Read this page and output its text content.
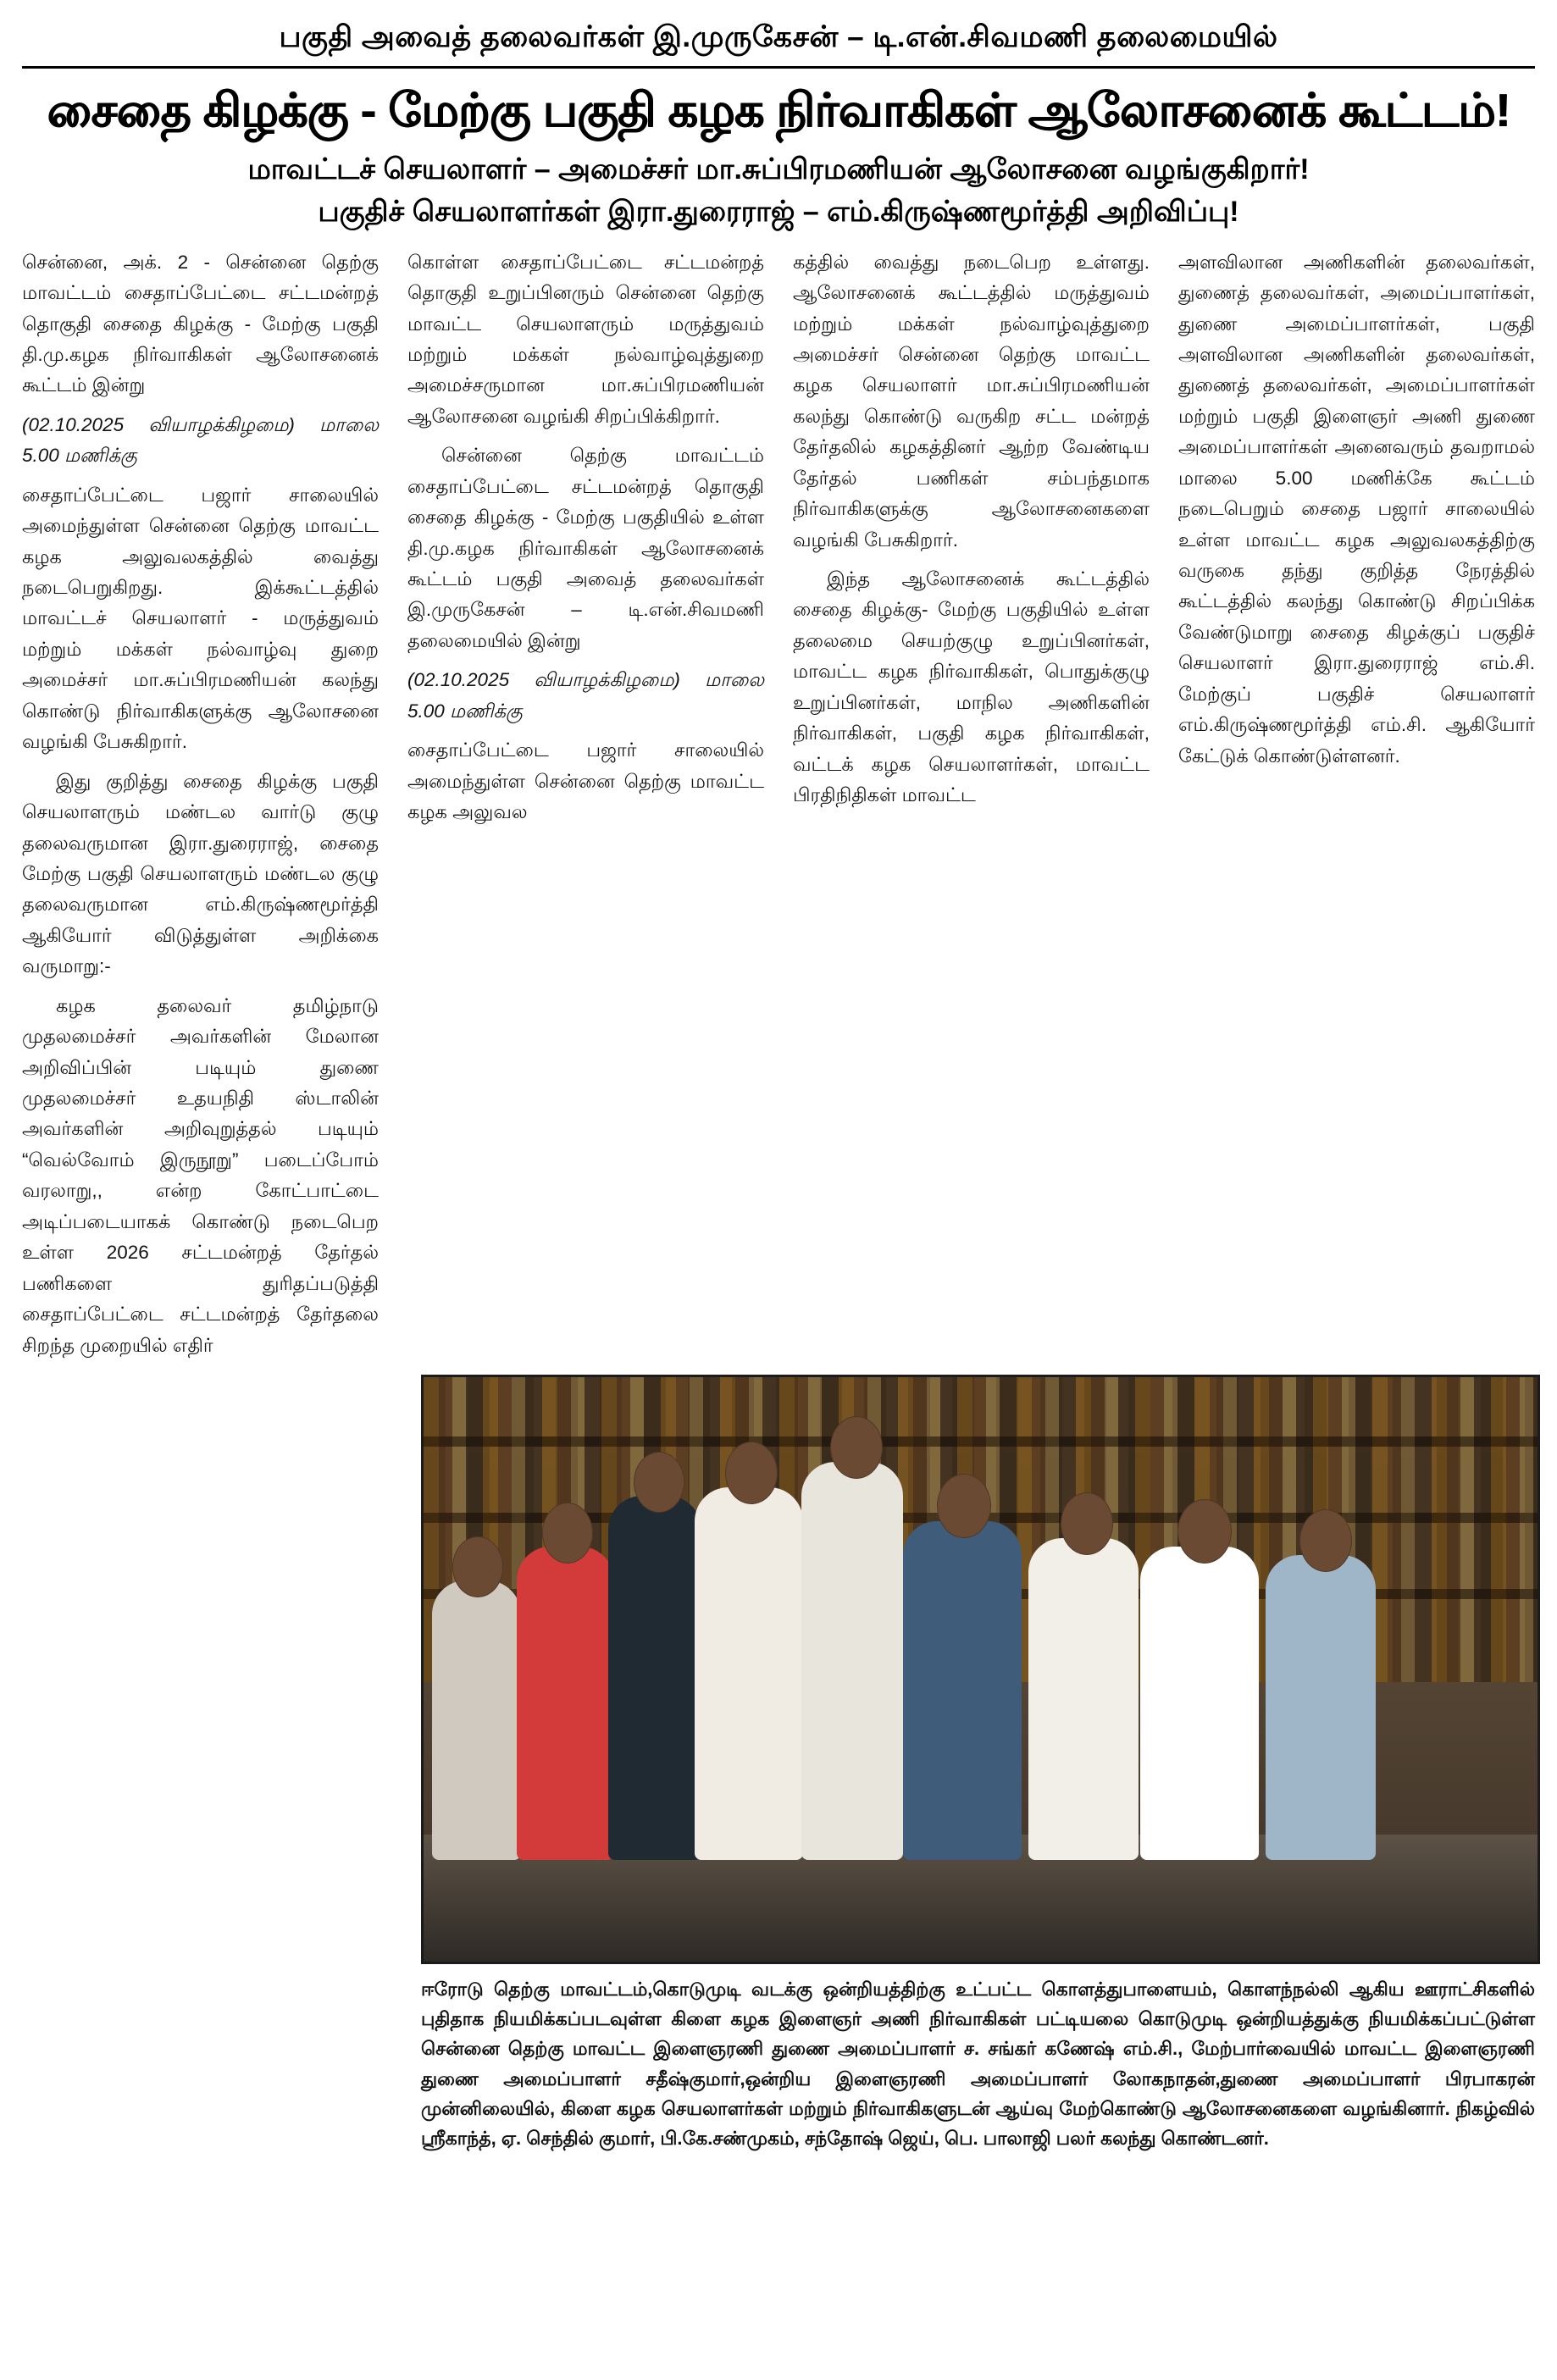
பகுதி அவைத் தலைவர்கள் இ.முருகேசன் – டி.என்.சிவமணி தலைமையில்
சைதை கிழக்கு - மேற்கு பகுதி கழக நிர்வாகிகள் ஆலோசனைக் கூட்டம்!
மாவட்டச் செயலாளர் – அமைச்சர் மா.சுப்பிரமணியன் ஆலோசனை வழங்குகிறார்!
பகுதிச் செயலாளர்கள் இரா.துரைராஜ் – எம்.கிருஷ்ணமூர்த்தி அறிவிப்பு!

சென்னை, அக். 2 - சென்னை தெற்கு மாவட்டம் சைதாப்பேட்டை சட்டமன்றத் தொகுதி சைதை கிழக்கு - மேற்கு பகுதி தி.மு.கழக நிர்வாகிகள் ஆலோசனைக் கூட்டம் இன்று

(02.10.2025 வியாழக்கிழமை) மாலை 5.00 மணிக்கு

சைதாப்பேட்டை பஜார் சாலையில் அமைந்துள்ள சென்னை தெற்கு மாவட்ட கழக அலுவலகத்தில் வைத்து நடைபெறுகிறது. இக்கூட்டத்தில் மாவட்டச் செயலாளர் - மருத்துவம் மற்றும் மக்கள் நல்வாழ்வு துறை அமைச்சர் மா.சுப்பிரமணியன் கலந்து கொண்டு நிர்வாகிகளுக்கு ஆலோசனை வழங்கி பேசுகிறார்.

இது குறித்து சைதை கிழக்கு பகுதி செயலாளரும் மண்டல வார்டு குழு தலைவருமான இரா.துரைராஜ், சைதை மேற்கு பகுதி செயலாளரும் மண்டல குழு தலைவருமான எம்.கிருஷ்ணமூர்த்தி ஆகியோர் விடுத்துள்ள அறிக்கை வருமாறு:-

கழக தலைவர் தமிழ்நாடு முதலமைச்சர் அவர்களின் மேலான அறிவிப்பின் படியும் துணை முதலமைச்சர் உதயநிதி ஸ்டாலின் அவர்களின் அறிவுறுத்தல் படியும் “வெல்வோம் இருநூறு” படைப்போம் வரலாறு,, என்ற கோட்பாட்டை அடிப்படையாகக் கொண்டு நடைபெற உள்ள 2026 சட்டமன்றத் தேர்தல் பணிகளை துரிதப்படுத்தி சைதாப்பேட்டை சட்டமன்றத் தேர்தலை சிறந்த முறையில் எதிர்

கொள்ள சைதாப்பேட்டை சட்டமன்றத் தொகுதி உறுப்பினரும் சென்னை தெற்கு மாவட்ட செயலாளரும் மருத்துவம் மற்றும் மக்கள் நல்வாழ்வுத்துறை அமைச்சருமான மா.சுப்பிரமணியன் ஆலோசனை வழங்கி சிறப்பிக்கிறார்.

சென்னை தெற்கு மாவட்டம் சைதாப்பேட்டை சட்டமன்றத் தொகுதி சைதை கிழக்கு - மேற்கு பகுதியில் உள்ள தி.மு.கழக நிர்வாகிகள் ஆலோசனைக் கூட்டம் பகுதி அவைத் தலைவர்கள் இ.முருகேசன் – டி.என்.சிவமணி தலைமையில் இன்று

(02.10.2025 வியாழக்கிழமை) மாலை 5.00 மணிக்கு

சைதாப்பேட்டை பஜார் சாலையில் அமைந்துள்ள சென்னை தெற்கு மாவட்ட கழக அலுவல

கத்தில் வைத்து நடைபெற உள்ளது. ஆலோசனைக் கூட்டத்தில் மருத்துவம் மற்றும் மக்கள் நல்வாழ்வுத்துறை அமைச்சர் சென்னை தெற்கு மாவட்ட கழக செயலாளர் மா.சுப்பிரமணியன் கலந்து கொண்டு வருகிற சட்ட மன்றத் தேர்தலில் கழகத்தினர் ஆற்ற வேண்டிய தேர்தல் பணிகள் சம்பந்தமாக நிர்வாகிகளுக்கு ஆலோசனைகளை வழங்கி பேசுகிறார்.

இந்த ஆலோசனைக் கூட்டத்தில் சைதை கிழக்கு- மேற்கு பகுதியில் உள்ள தலைமை செயற்குழு உறுப்பினர்கள், மாவட்ட கழக நிர்வாகிகள், பொதுக்குழு உறுப்பினர்கள், மாநில அணிகளின் நிர்வாகிகள், பகுதி கழக நிர்வாகிகள், வட்டக் கழக செயலாளர்கள், மாவட்ட பிரதிநிதிகள் மாவட்ட

அளவிலான அணிகளின் தலைவர்கள், துணைத் தலைவர்கள், அமைப்பாளர்கள், துணை அமைப்பாளர்கள், பகுதி அளவிலான அணிகளின் தலைவர்கள், துணைத் தலைவர்கள், அமைப்பாளர்கள் மற்றும் பகுதி இளைஞர் அணி துணை அமைப்பாளர்கள் அனைவரும் தவறாமல் மாலை 5.00 மணிக்கே கூட்டம் நடைபெறும் சைதை பஜார் சாலையில் உள்ள மாவட்ட கழக அலுவலகத்திற்கு வருகை தந்து குறித்த நேரத்தில் கூட்டத்தில் கலந்து கொண்டு சிறப்பிக்க வேண்டுமாறு சைதை கிழக்குப் பகுதிச் செயலாளர் இரா.துரைராஜ் எம்.சி. மேற்குப் பகுதிச் செயலாளர் எம்.கிருஷ்ணமூர்த்தி எம்.சி. ஆகியோர் கேட்டுக் கொண்டுள்ளனர்.

ஈரோடு தெற்கு மாவட்டம்,கொடுமுடி வடக்கு ஒன்றியத்திற்கு உட்பட்ட கொளத்துபாளையம், கொளந்நல்லி ஆகிய ஊராட்சிகளில் புதிதாக நியமிக்கப்படவுள்ள கிளை கழக இளைஞர் அணி நிர்வாகிகள் பட்டியலை கொடுமுடி ஒன்றியத்துக்கு நியமிக்கப்பட்டுள்ள சென்னை தெற்கு மாவட்ட இளைஞரணி துணை அமைப்பாளர் ச. சங்கர் கணேஷ் எம்.சி., மேற்பார்வையில் மாவட்ட இளைஞரணி துணை அமைப்பாளர் சதீஷ்குமார்,ஒன்றிய இளைஞரணி அமைப்பாளர் லோகநாதன்,துணை அமைப்பாளர் பிரபாகரன் முன்னிலையில், கிளை கழக செயலாளர்கள் மற்றும் நிர்வாகிகளுடன் ஆய்வு மேற்கொண்டு ஆலோசனைகளை வழங்கினார். நிகழ்வில் ஸ்ரீகாந்த், ஏ. செந்தில் குமார், பி.கே.சண்முகம், சந்தோஷ் ஜெய், பெ. பாலாஜி பலர் கலந்து கொண்டனர்.
